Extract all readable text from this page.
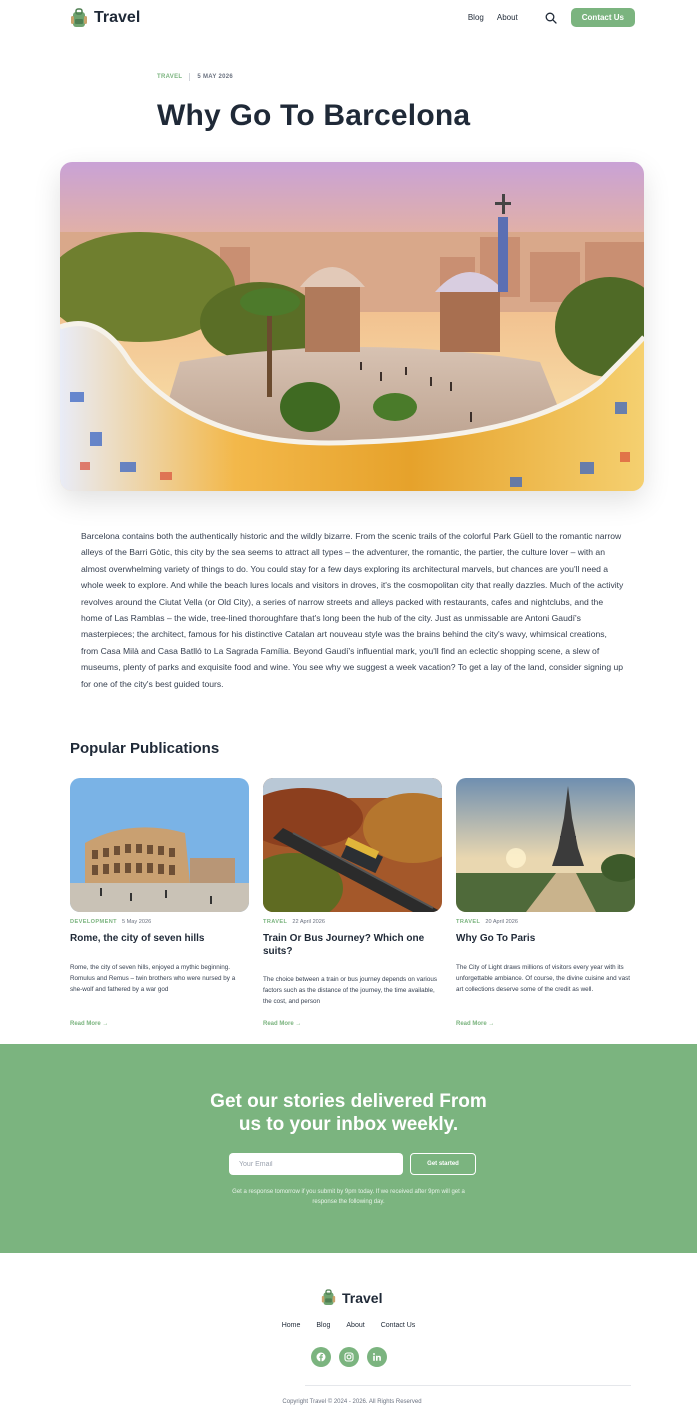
Travel	Blog About	Contact Us
TRAVEL	5 MAY 2026
Why Go To Barcelona

Barcelona contains both the authentically historic and the wildly bizarre. From the scenic trails of the colorful Park Güell to the romantic narrow alleys of the Barri Gòtic, this city by the sea seems to attract all types – the adventurer, the romantic, the partier, the culture lover – with an almost overwhelming variety of things to do. You could stay for a few days exploring its architectural marvels, but chances are you'll need a whole week to explore. And while the beach lures locals and visitors in droves, it's the cosmopolitan city that really dazzles. Much of the activity revolves around the Ciutat Vella (or Old City), a series of narrow streets and alleys packed with restaurants, cafes and nightclubs, and the home of Las Ramblas – the wide, tree-lined thoroughfare that's long been the hub of the city. Just as unmissable are Antoni Gaudí's masterpieces; the architect, famous for his distinctive Catalan art nouveau style was the brains behind the city's wavy, whimsical creations, from Casa Milà and Casa Batlló to La Sagrada Família. Beyond Gaudí's influential mark, you'll find an eclectic shopping scene, a slew of museums, plenty of parks and exquisite food and wine. You see why we suggest a week vacation? To get a lay of the land, consider signing up for one of the city's best guided tours.

Popular Publications
DEVELOPMENT 5 May 2026
Rome, the city of seven hills

Rome, the city of seven hills, enjoyed a mythic beginning. Romulus and Remus – twin brothers who were nursed by a she-wolf and fathered by a war god

Read More →
TRAVEL 22 April 2026
Train Or Bus Journey? Which one suits?

The choice between a train or bus journey depends on various factors such as the distance of the journey, the time available, the cost, and person

Read More →
TRAVEL 20 April 2026
Why Go To Paris

The City of Light draws millions of visitors every year with its unforgettable ambiance. Of course, the divine cuisine and vast art collections deserve some of the credit as well.

Read More →
Get our stories delivered From
us to your inbox weekly.
Your Email
Get started
Get a response tomorrow if you submit by 9pm today. If we received after 9pm will get a
response the following day.
Travel
Home Blog About Contact Us
Copyright Travel © 2024 - 2026. All Rights Reserved
